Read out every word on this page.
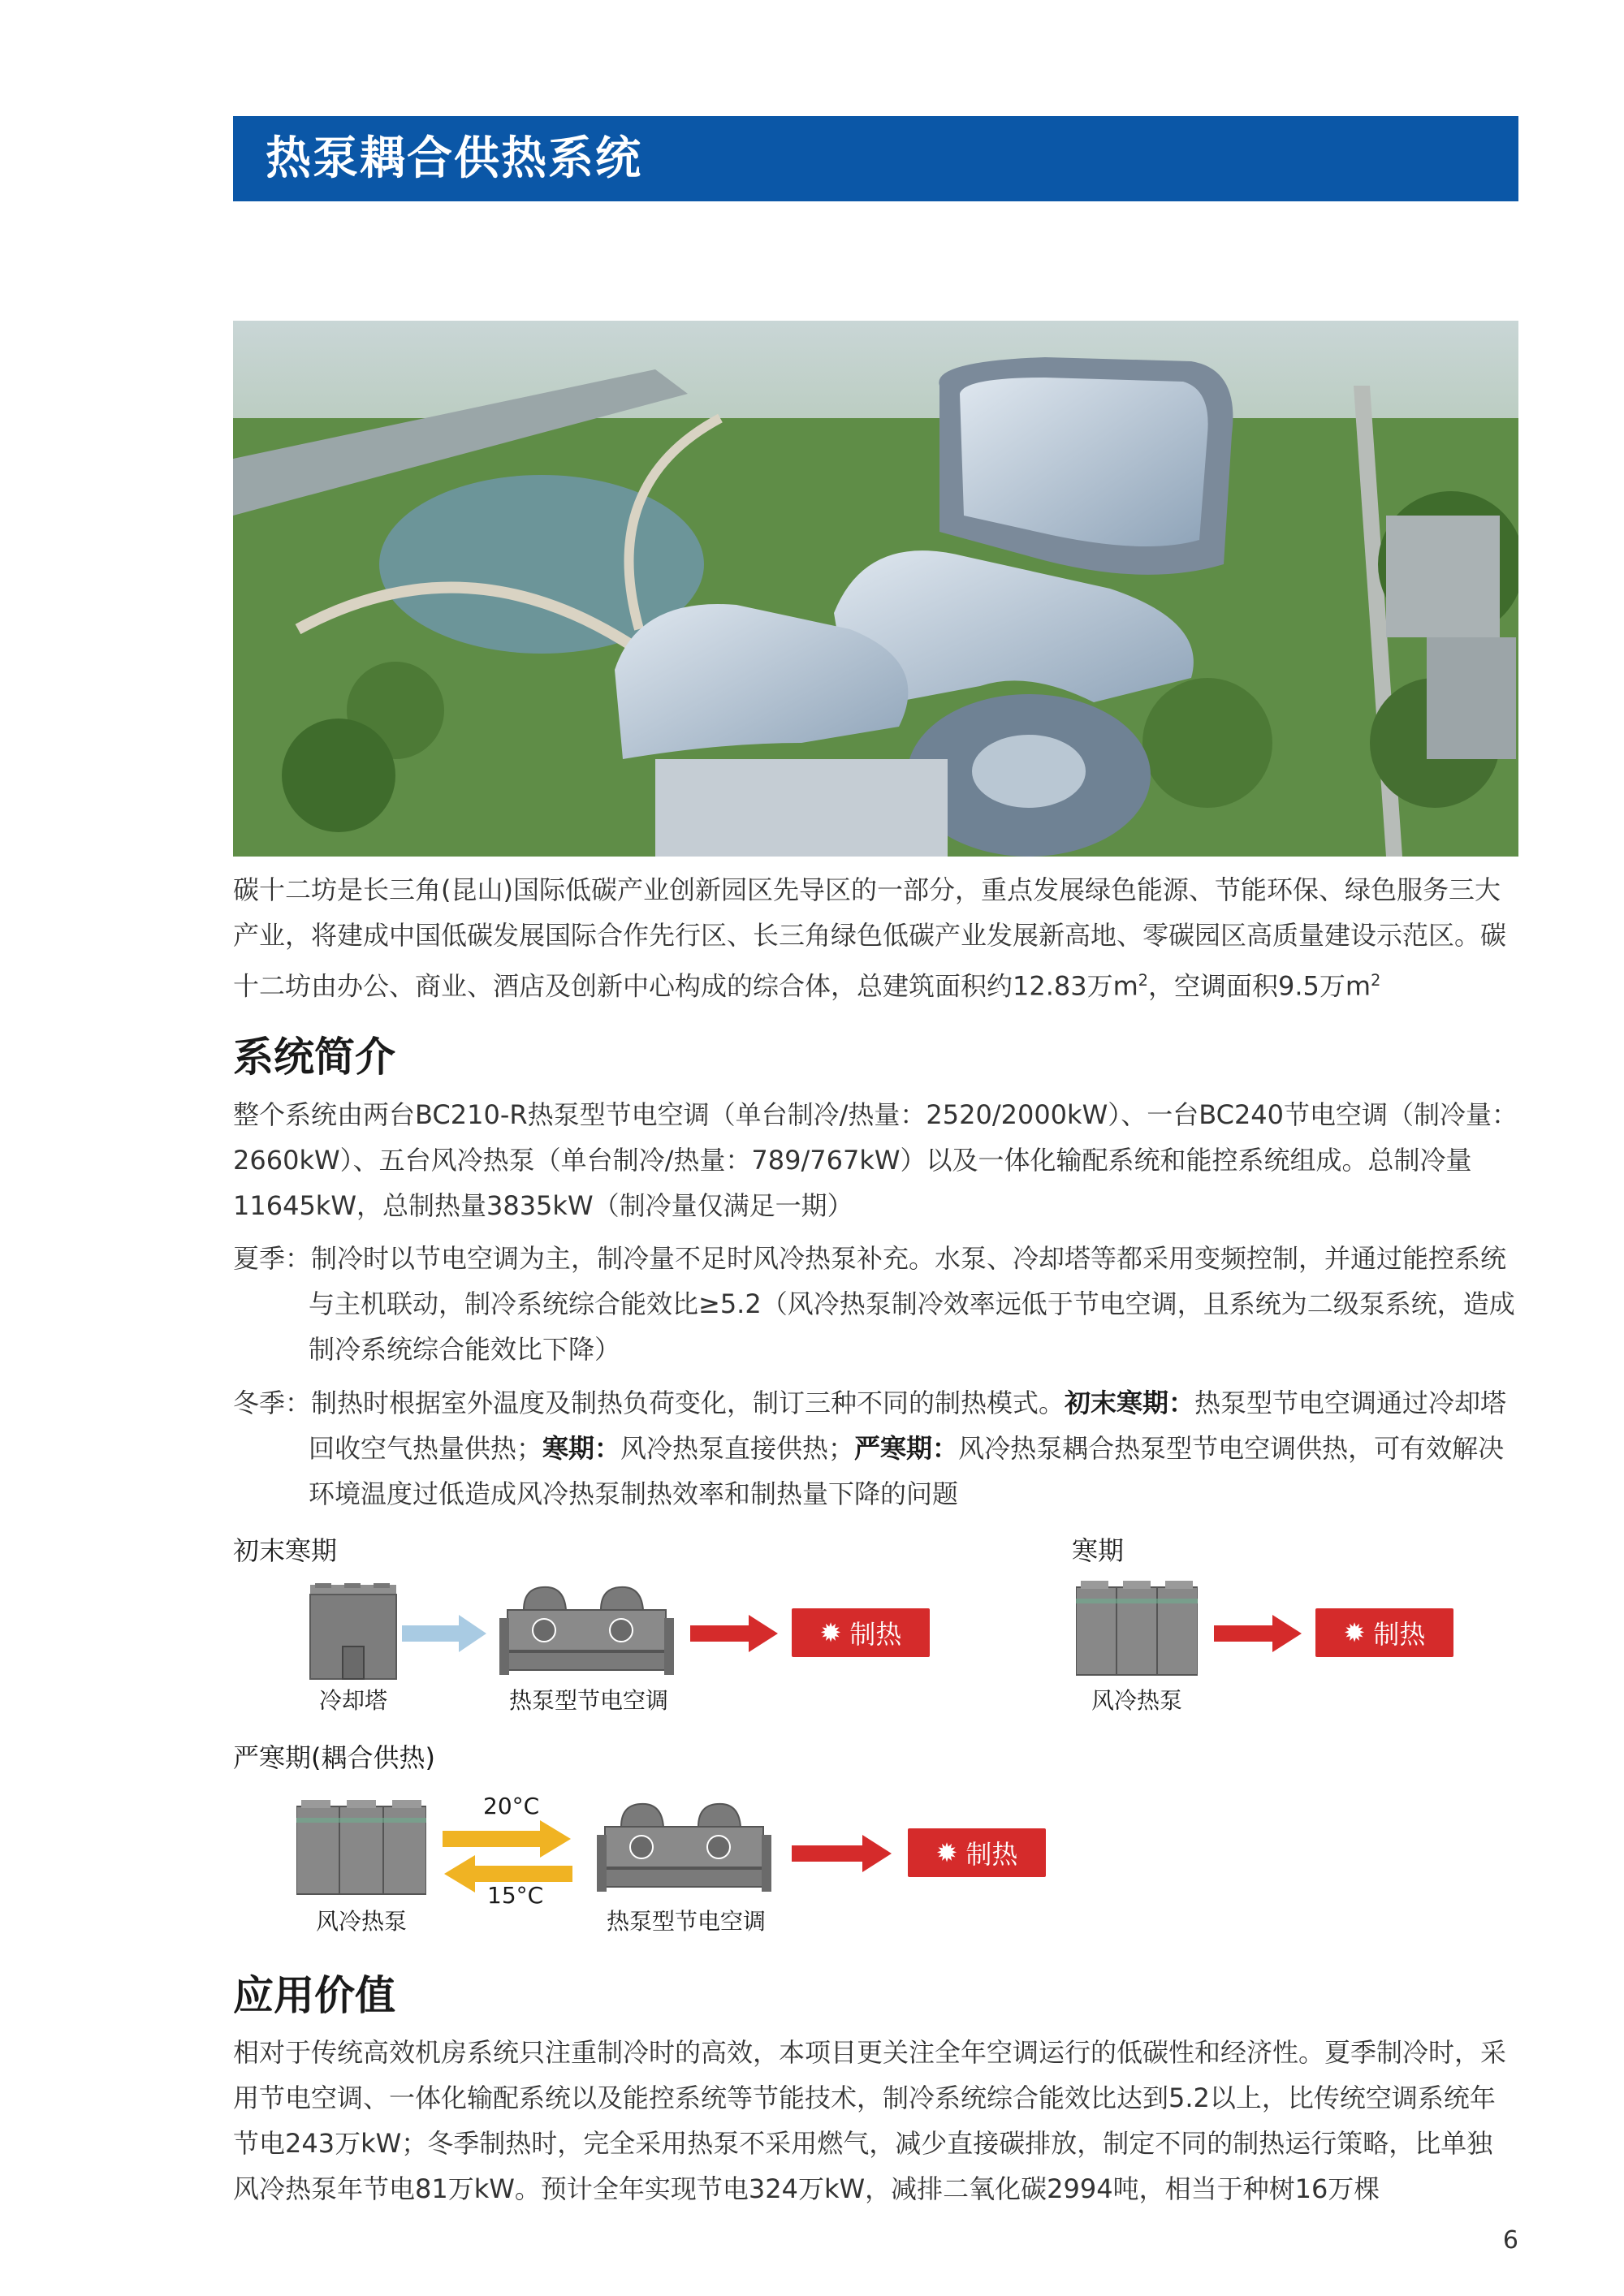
热泵耦合供热系统

碳十二坊是长三角(昆山)国际低碳产业创新园区先导区的一部分，重点发展绿色能源、节能环保、绿色服务三大产业，将建成中国低碳发展国际合作先行区、长三角绿色低碳产业发展新高地、零碳园区高质量建设示范区。碳十二坊由办公、商业、酒店及创新中心构成的综合体，总建筑面积约12.83万$m^2$，空调面积9.5万$m^2$

系统简介

整个系统由两台BC210-R热泵型节电空调（单台制冷/热量：2520/2000kW）、一台BC240节电空调（制冷量：2660kW）、五台风冷热泵（单台制冷/热量：789/767kW）以及一体化输配系统和能控系统组成。总制冷量11645kW，总制热量3835kW（制冷量仅满足一期）

夏季：制冷时以节电空调为主，制冷量不足时风冷热泵补充。水泵、冷却塔等都采用变频控制，并通过能控系统与主机联动，制冷系统综合能效比≥5.2（风冷热泵制冷效率远低于节电空调，且系统为二级泵系统，造成制冷系统综合能效比下降）
冬季：制热时根据室外温度及制热负荷变化，制订三种不同的制热模式。初末寒期：热泵型节电空调通过冷却塔回收空气热量供热；寒期：风冷热泵直接供热；严寒期：风冷热泵耦合热泵型节电空调供热，可有效解决环境温度过低造成风冷热泵制热效率和制热量下降的问题
初末寒期	寒期
冷却塔	热泵型节电空调
✹ 制热
风冷热泵
✹ 制热
严寒期(耦合供热)
风冷热泵
20°C
15°C
热泵型节电空调
✹ 制热
应用价值

相对于传统高效机房系统只注重制冷时的高效，本项目更关注全年空调运行的低碳性和经济性。夏季制冷时，采用节电空调、一体化输配系统以及能控系统等节能技术，制冷系统综合能效比达到5.2以上，比传统空调系统年节电243万kW；冬季制热时，完全采用热泵不采用燃气，减少直接碳排放，制定不同的制热运行策略，比单独风冷热泵年节电81万kW。预计全年实现节电324万kW，减排二氧化碳2994吨，相当于种树16万棵

6
